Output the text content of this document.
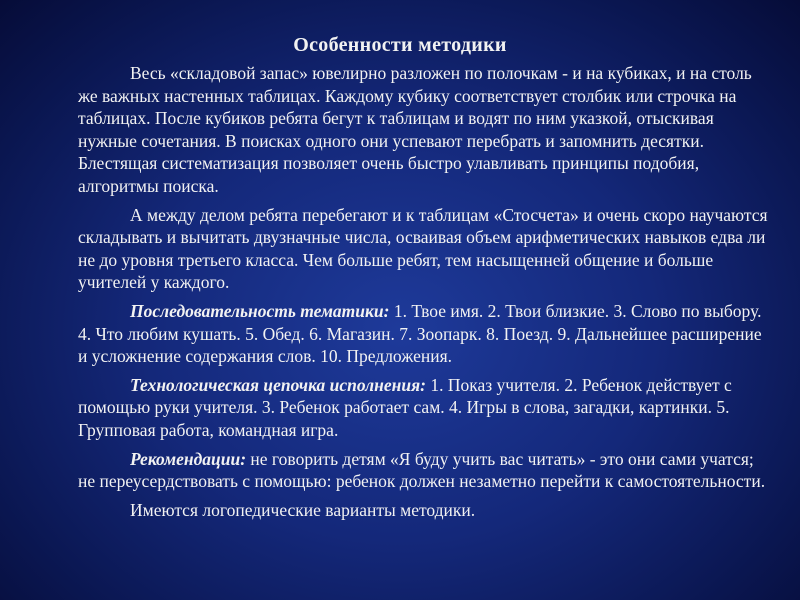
Особенности методики

Весь «складовой запас» ювелирно разложен по полочкам - и на кубиках, и на столь же важных настенных таблицах. Каждому кубику соответствует столбик или строчка на таблицах. После кубиков ребята бегут к таблицам и водят по ним указкой, отыскивая нужные сочетания. В поисках одного они успевают перебрать и запомнить десятки. Блестящая систематизация позволяет очень быстро улавливать принципы подобия, алгоритмы поиска.

А между делом ребята перебегают и к таблицам «Стосчета» и очень скоро научаются складывать и вычитать двузначные числа, осваивая объем арифметических навыков едва ли не до уровня третьего класса. Чем больше ребят, тем насыщенней общение и больше учителей у каждого.

Последовательность тематики: 1. Твое имя. 2. Твои близкие. 3. Слово по выбору. 4. Что любим кушать. 5. Обед. 6. Магазин. 7. Зоопарк. 8. Поезд. 9. Дальнейшее расширение и усложнение содержания слов. 10. Предложения.

Технологическая цепочка исполнения: 1. Показ учителя. 2. Ребенок действует с помощью руки учителя. 3. Ребенок работает сам. 4. Игры в слова, загадки, картинки. 5. Групповая работа, командная игра.

Рекомендации: не говорить детям «Я буду учить вас читать» - это они сами учатся; не переусердствовать с помощью: ребенок должен незаметно перейти к самостоятельности.

Имеются логопедические варианты методики.
